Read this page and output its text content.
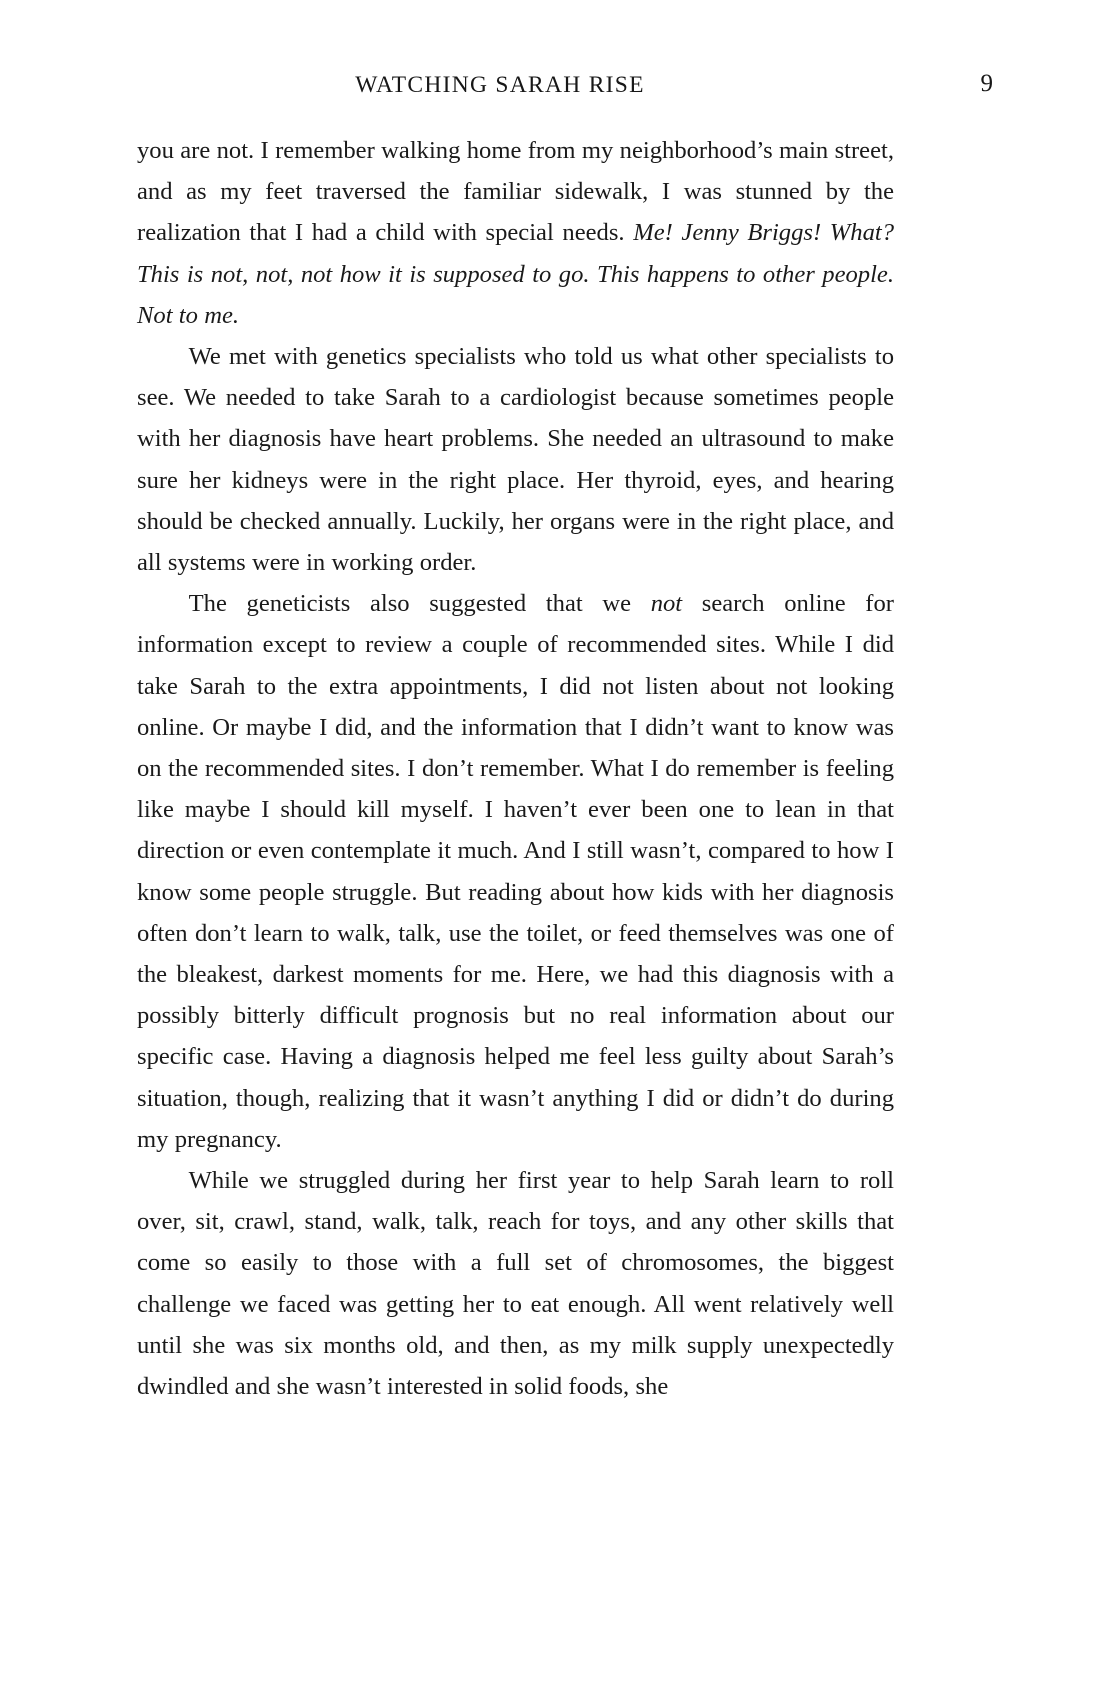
WATCHING SARAH RISE	9

you are not. I remember walking home from my neighborhood’s main street, and as my feet traversed the familiar sidewalk, I was stunned by the realization that I had a child with special needs. Me! Jenny Briggs! What? This is not, not, not how it is supposed to go. This happens to other people. Not to me.

We met with genetics specialists who told us what other specialists to see. We needed to take Sarah to a cardiologist because sometimes people with her diagnosis have heart problems. She needed an ultrasound to make sure her kidneys were in the right place. Her thyroid, eyes, and hearing should be checked annually. Luckily, her organs were in the right place, and all systems were in working order.

The geneticists also suggested that we not search online for information except to review a couple of recommended sites. While I did take Sarah to the extra appointments, I did not listen about not looking online. Or maybe I did, and the information that I didn’t want to know was on the recommended sites. I don’t remember. What I do remember is feeling like maybe I should kill myself. I haven’t ever been one to lean in that direction or even contemplate it much. And I still wasn’t, compared to how I know some people struggle. But reading about how kids with her diagnosis often don’t learn to walk, talk, use the toilet, or feed themselves was one of the bleakest, darkest moments for me. Here, we had this diagnosis with a possibly bitterly difficult prognosis but no real information about our specific case. Having a diagnosis helped me feel less guilty about Sarah’s situation, though, realizing that it wasn’t anything I did or didn’t do during my pregnancy.

While we struggled during her first year to help Sarah learn to roll over, sit, crawl, stand, walk, talk, reach for toys, and any other skills that come so easily to those with a full set of chromosomes, the biggest challenge we faced was getting her to eat enough. All went relatively well until she was six months old, and then, as my milk supply unexpectedly dwindled and she wasn’t interested in solid foods, she
